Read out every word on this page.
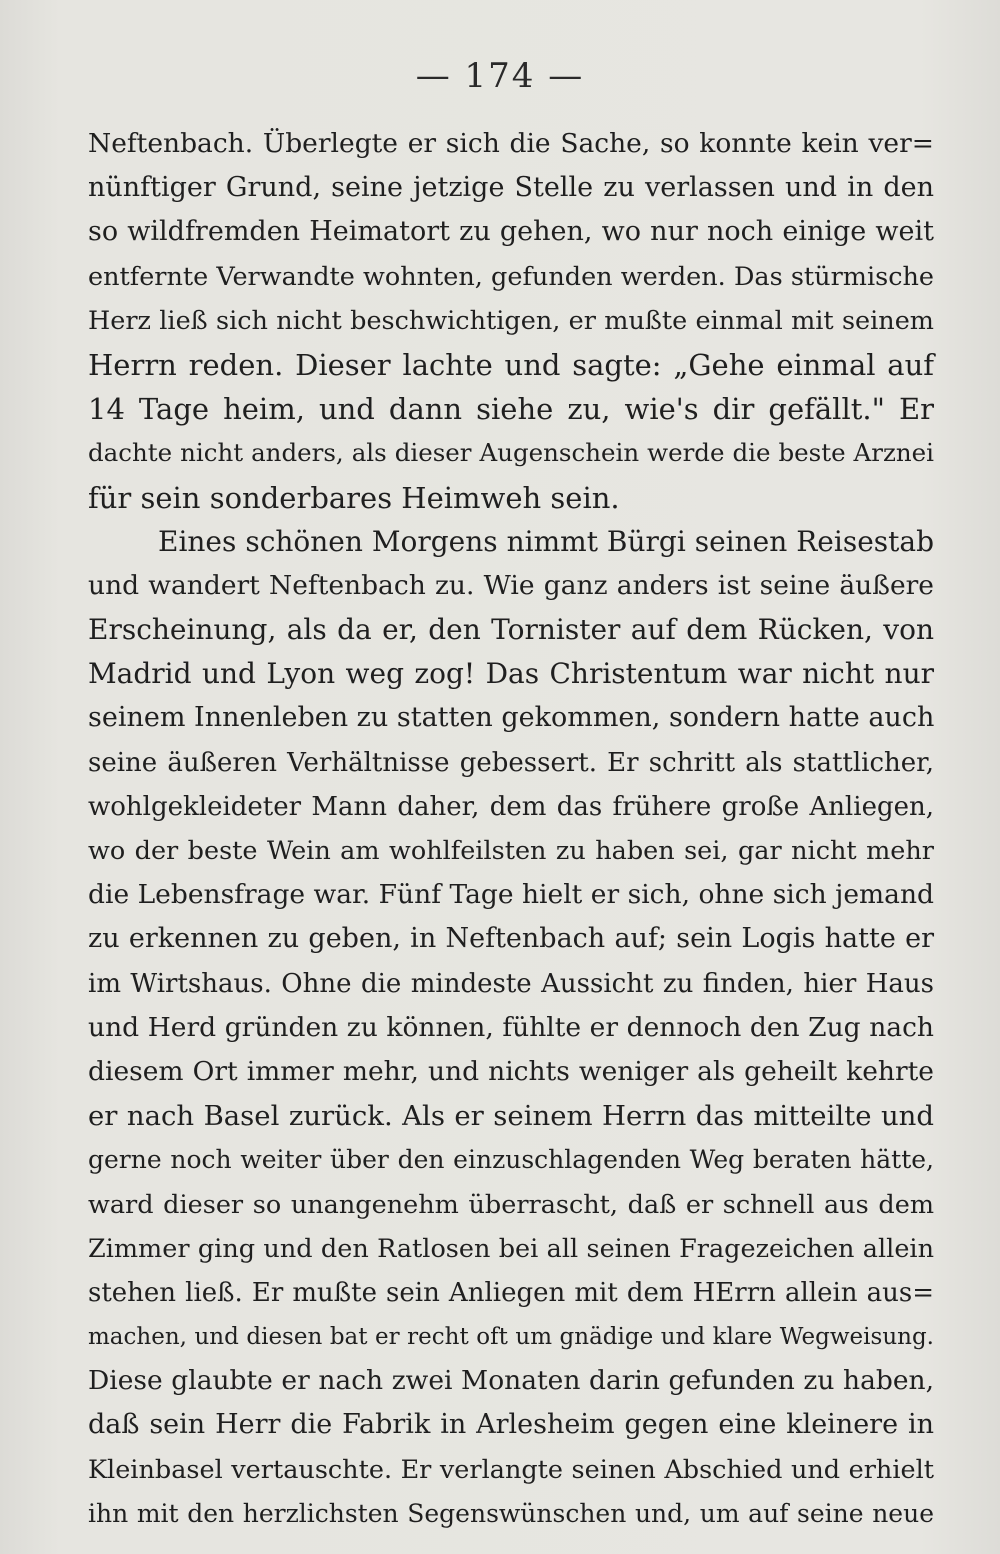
— 174 —
Neftenbach. Überlegte er sich die Sache, so konnte kein ver=
nünftiger Grund, seine jetzige Stelle zu verlassen und in den
so wildfremden Heimatort zu gehen, wo nur noch einige weit
entfernte Verwandte wohnten, gefunden werden. Das stürmische
Herz ließ sich nicht beschwichtigen, er mußte einmal mit seinem
Herrn reden. Dieser lachte und sagte: „Gehe einmal auf
14 Tage heim, und dann siehe zu, wie's dir gefällt." Er
dachte nicht anders, als dieser Augenschein werde die beste Arznei
für sein sonderbares Heimweh sein.
Eines schönen Morgens nimmt Bürgi seinen Reisestab
und wandert Neftenbach zu. Wie ganz anders ist seine äußere
Erscheinung, als da er, den Tornister auf dem Rücken, von
Madrid und Lyon weg zog! Das Christentum war nicht nur
seinem Innenleben zu statten gekommen, sondern hatte auch
seine äußeren Verhältnisse gebessert. Er schritt als stattlicher,
wohlgekleideter Mann daher, dem das frühere große Anliegen,
wo der beste Wein am wohlfeilsten zu haben sei, gar nicht mehr
die Lebensfrage war. Fünf Tage hielt er sich, ohne sich jemand
zu erkennen zu geben, in Neftenbach auf; sein Logis hatte er
im Wirtshaus. Ohne die mindeste Aussicht zu finden, hier Haus
und Herd gründen zu können, fühlte er dennoch den Zug nach
diesem Ort immer mehr, und nichts weniger als geheilt kehrte
er nach Basel zurück. Als er seinem Herrn das mitteilte und
gerne noch weiter über den einzuschlagenden Weg beraten hätte,
ward dieser so unangenehm überrascht, daß er schnell aus dem
Zimmer ging und den Ratlosen bei all seinen Fragezeichen allein
stehen ließ. Er mußte sein Anliegen mit dem HErrn allein aus=
machen, und diesen bat er recht oft um gnädige und klare Wegweisung.
Diese glaubte er nach zwei Monaten darin gefunden zu haben,
daß sein Herr die Fabrik in Arlesheim gegen eine kleinere in
Kleinbasel vertauschte. Er verlangte seinen Abschied und erhielt
ihn mit den herzlichsten Segenswünschen und, um auf seine neue
